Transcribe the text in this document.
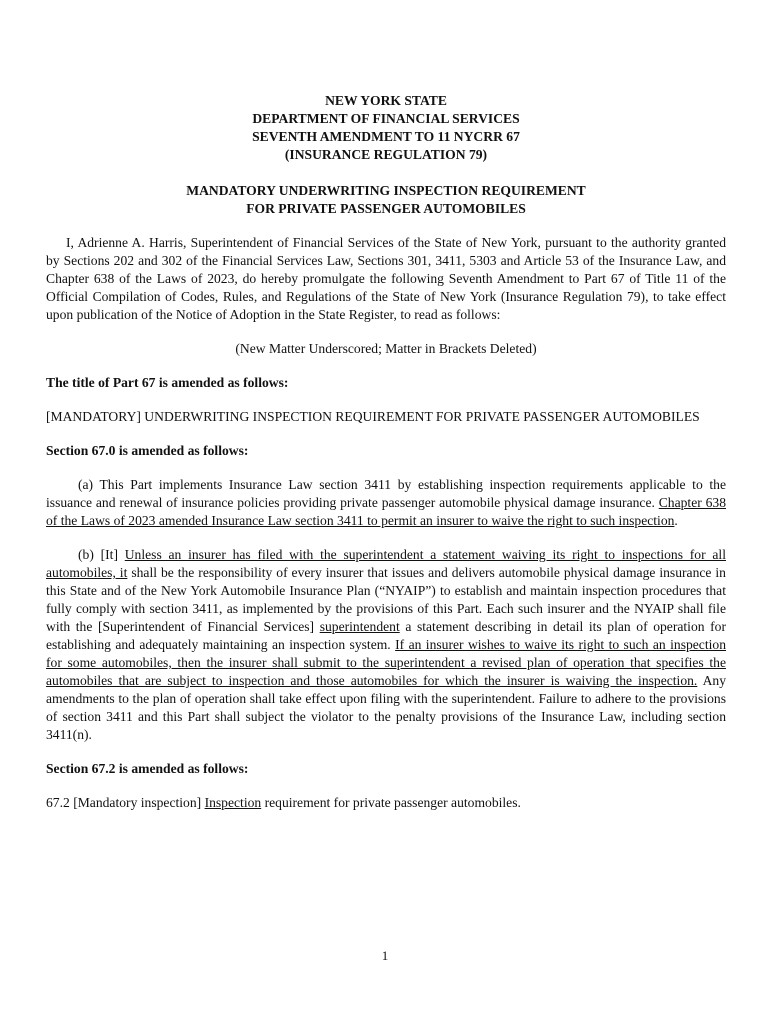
NEW YORK STATE
DEPARTMENT OF FINANCIAL SERVICES
SEVENTH AMENDMENT TO 11 NYCRR 67
(INSURANCE REGULATION 79)
MANDATORY UNDERWRITING INSPECTION REQUIREMENT
FOR PRIVATE PASSENGER AUTOMOBILES

I, Adrienne A. Harris, Superintendent of Financial Services of the State of New York, pursuant to the authority granted by Sections 202 and 302 of the Financial Services Law, Sections 301, 3411, 5303 and Article 53 of the Insurance Law, and Chapter 638 of the Laws of 2023, do hereby promulgate the following Seventh Amendment to Part 67 of Title 11 of the Official Compilation of Codes, Rules, and Regulations of the State of New York (Insurance Regulation 79), to take effect upon publication of the Notice of Adoption in the State Register, to read as follows:

(New Matter Underscored; Matter in Brackets Deleted)

The title of Part 67 is amended as follows:

[MANDATORY] UNDERWRITING INSPECTION REQUIREMENT FOR PRIVATE PASSENGER AUTOMOBILES

Section 67.0 is amended as follows:

(a) This Part implements Insurance Law section 3411 by establishing inspection requirements applicable to the issuance and renewal of insurance policies providing private passenger automobile physical damage insurance. Chapter 638 of the Laws of 2023 amended Insurance Law section 3411 to permit an insurer to waive the right to such inspection.

(b) [It] Unless an insurer has filed with the superintendent a statement waiving its right to inspections for all automobiles, it shall be the responsibility of every insurer that issues and delivers automobile physical damage insurance in this State and of the New York Automobile Insurance Plan (“NYAIP”) to establish and maintain inspection procedures that fully comply with section 3411, as implemented by the provisions of this Part. Each such insurer and the NYAIP shall file with the [Superintendent of Financial Services] superintendent a statement describing in detail its plan of operation for establishing and adequately maintaining an inspection system. If an insurer wishes to waive its right to such an inspection for some automobiles, then the insurer shall submit to the superintendent a revised plan of operation that specifies the automobiles that are subject to inspection and those automobiles for which the insurer is waiving the inspection. Any amendments to the plan of operation shall take effect upon filing with the superintendent. Failure to adhere to the provisions of section 3411 and this Part shall subject the violator to the penalty provisions of the Insurance Law, including section 3411(n).

Section 67.2 is amended as follows:

67.2 [Mandatory inspection] Inspection requirement for private passenger automobiles.

1
